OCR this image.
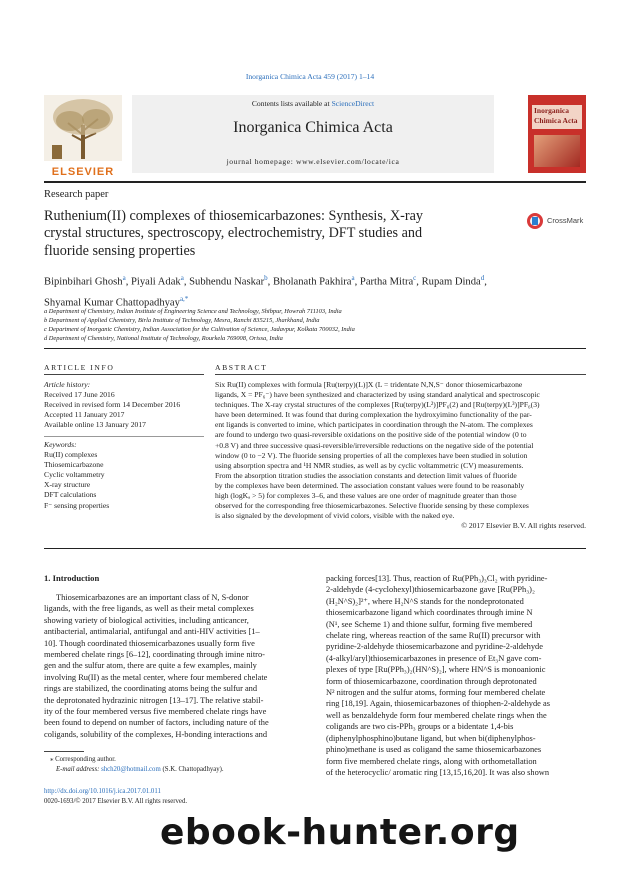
Inorganica Chimica Acta 459 (2017) 1–14
ELSEVIER
Contents lists available at ScienceDirect
Inorganica Chimica Acta
journal homepage: www.elsevier.com/locate/ica
Inorganica
Chimica Acta
Research paper
Ruthenium(II) complexes of thiosemicarbazones: Synthesis, X-ray
crystal structures, spectroscopy, electrochemistry, DFT studies and
fluoride sensing properties
CrossMark
Bipinbihari Ghosh$^a$, Piyali Adak$^a$, Subhendu Naskar$^b$, Bholanath Pakhira$^a$, Partha Mitra$^c$, Rupam Dinda$^d$,
Shyamal Kumar Chattopadhyay$^{a,*}$
a Department of Chemistry, Indian Institute of Engineering Science and Technology, Shibpur, Howrah 711103, India
b Department of Applied Chemistry, Birla Institute of Technology, Mesra, Ranchi 835215, Jharkhand, India
c Department of Inorganic Chemistry, Indian Association for the Cultivation of Science, Jadavpur, Kolkata 700032, India
d Department of Chemistry, National Institute of Technology, Rourkela 769008, Orissa, India
ARTICLE INFO
Article history:
Received 17 June 2016
Received in revised form 14 December 2016
Accepted 11 January 2017
Available online 13 January 2017
Keywords:
Ru(II) complexes
Thiosemicarbazone
Cyclic voltammetry
X-ray structure
DFT calculations
F⁻ sensing properties
ABSTRACT
Six Ru(II) complexes with formula [Ru(terpy)(L)]X (L = tridentate N,N,S⁻ donor thiosemicarbazone
ligands, X = PF₆⁻) have been synthesized and characterized by using standard analytical and spectroscopic
techniques. The X-ray crystal structures of the complexes [Ru(terpy)(L²)]PF₆(2) and [Ru(terpy)(L³)]PF₆(3)
have been determined. It was found that during complexation the hydroxyimino functionality of the par-
ent ligands is converted to imine, which participates in coordination through the N-atom. The complexes
are found to undergo two quasi-reversible oxidations on the positive side of the potential window (0 to
+0.8 V) and three successive quasi-reversible/irreversible reductions on the negative side of the potential
window (0 to −2 V). The fluoride sensing properties of all the complexes have been studied in solution
using absorption spectra and ¹H NMR studies, as well as by cyclic voltammetric (CV) measurements.
From the absorption titration studies the association constants and detection limit values of fluoride
by the complexes have been determined. The association constant values were found to be reasonably
high (logKₐ > 5) for complexes 3–6, and these values are one order of magnitude greater than those
observed for the corresponding free thiosemicarbazones. Selective fluoride sensing by these complexes
is also signaled by the development of vivid colors, visible with the naked eye.
© 2017 Elsevier B.V. All rights reserved.
1. Introduction
Thiosemicarbazones are an important class of N, S-donor
ligands, with the free ligands, as well as their metal complexes
showing variety of biological activities, including anticancer,
antibacterial, antimalarial, antifungal and anti-HIV activities [1–
10]. Though coordinated thiosemicarbazones usually form five
membered chelate rings [6–12], coordinating through imine nitro-
gen and the sulfur atom, there are quite a few examples, mainly
involving Ru(II) as the metal center, where four membered chelate
rings are stabilized, the coordinating atoms being the sulfur and
the deprotonated hydrazinic nitrogen [13–17]. The relative stabil-
ity of the four membered versus five membered chelate rings have
been found to depend on number of factors, including nature of the
coligands, solubility of the complexes, H-bonding interactions and
packing forces[13]. Thus, reaction of Ru(PPh₃)₃Cl₂ with pyridine-
2-aldehyde (4-cyclohexyl)thiosemicarbazone gave [Ru(PPh₃)₂
(H₂N^S)₂]²⁺, where H₂N^S stands for the nondeprotonated
thiosemicarbazone ligand which coordinates through imine N
(N¹, see Scheme 1) and thione sulfur, forming five membered
chelate ring, whereas reaction of the same Ru(II) precursor with
pyridine-2-aldehyde thiosemicarbazone and pyridine-2-aldehyde
(4-alkyl/aryl)thiosemicarbazones in presence of Et₃N gave com-
plexes of type [Ru(PPh₃)₂(HN^S)₂], where HN^S is monoanionic
form of thiosemicarbazone, coordination through deprotonated
N² nitrogen and the sulfur atoms, forming four membered chelate
ring [18,19]. Again, thiosemicarbazones of thiophen-2-aldehyde as
well as benzaldehyde form four membered chelate rings when the
coligands are two cis-PPh₃ groups or a bidentate 1,4-bis
(diphenylphosphino)butane ligand, but when bi(diphenylphos-
phino)methane is used as coligand the same thiosemicarbazones
form five membered chelate rings, along with orthometallation
of the heterocyclic/ aromatic ring [13,15,16,20]. It was also shown
⁎ Corresponding author.
E-mail address: shch20@hotmail.com (S.K. Chattopadhyay).
http://dx.doi.org/10.1016/j.ica.2017.01.011
0020-1693/© 2017 Elsevier B.V. All rights reserved.
ebook-hunter.org
